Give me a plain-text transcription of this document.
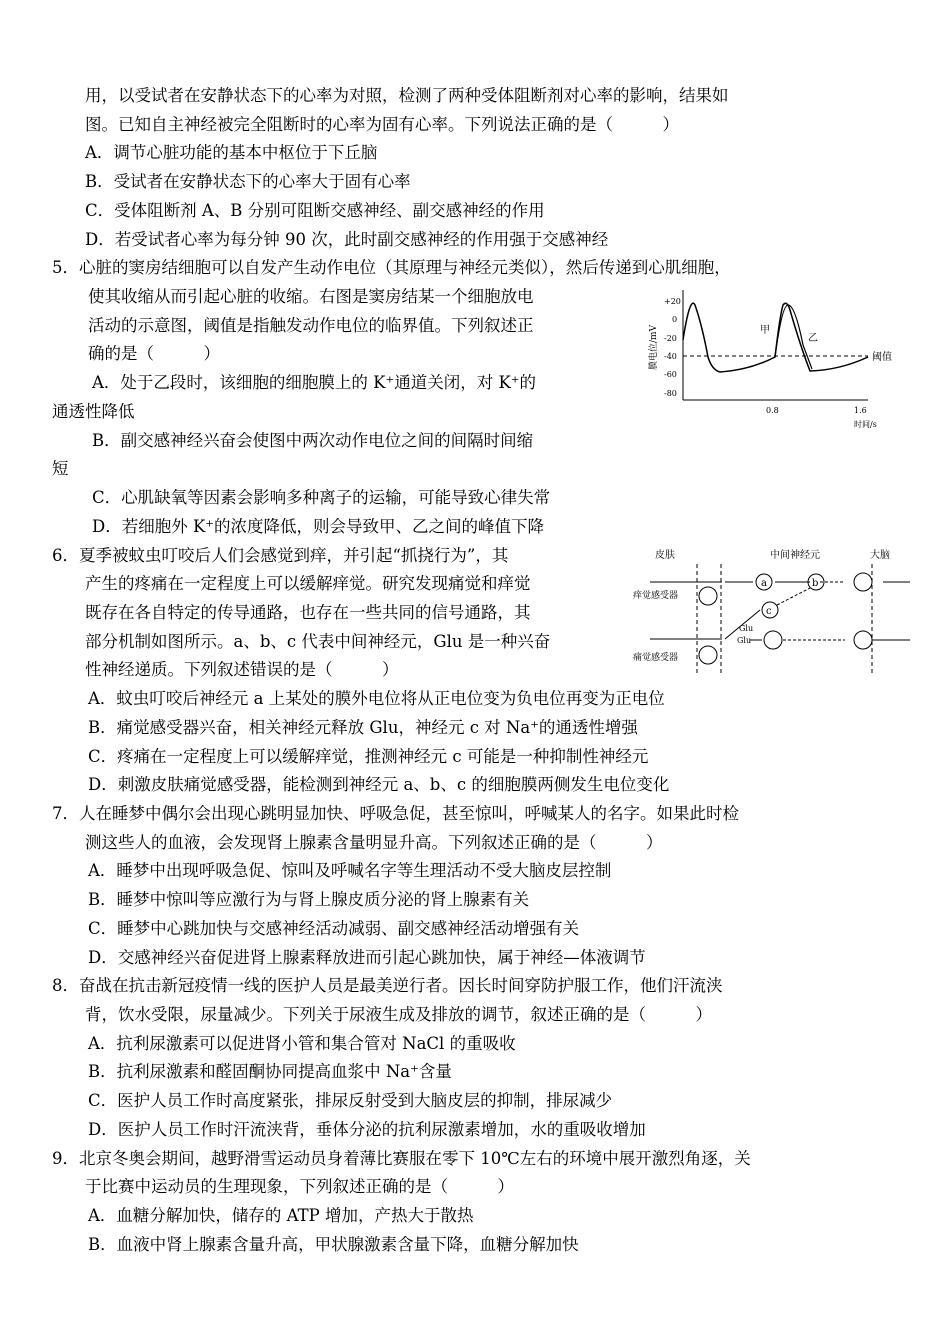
用，以受试者在安静状态下的心率为对照，检测了两种受体阻断剂对心率的影响，结果如
图。已知自主神经被完全阻断时的心率为固有心率。下列说法正确的是（　　　）
A．调节心脏功能的基本中枢位于下丘脑
B．受试者在安静状态下的心率大于固有心率
C．受体阻断剂 A、B 分别可阻断交感神经、副交感神经的作用
D．若受试者心率为每分钟 90 次，此时副交感神经的作用强于交感神经
5．心脏的窦房结细胞可以自发产生动作电位（其原理与神经元类似），然后传递到心肌细胞，
使其收缩从而引起心脏的收缩。右图是窦房结某一个细胞放电
活动的示意图，阈值是指触发动作电位的临界值。下列叙述正
确的是（　　　）
A．处于乙段时，该细胞的细胞膜上的 K⁺通道关闭，对 K⁺的
通透性降低
B．副交感神经兴奋会使图中两次动作电位之间的间隔时间缩
短
C．心肌缺氧等因素会影响多种离子的运输，可能导致心律失常
D．若细胞外 K⁺的浓度降低，则会导致甲、乙之间的峰值下降
6．夏季被蚊虫叮咬后人们会感觉到痒，并引起“抓挠行为”，其
产生的疼痛在一定程度上可以缓解痒觉。研究发现痛觉和痒觉
既存在各自特定的传导通路，也存在一些共同的信号通路，其
部分机制如图所示。a、b、c 代表中间神经元，Glu 是一种兴奋
性神经递质。下列叙述错误的是（　　　）
A．蚊虫叮咬后神经元 a 上某处的膜外电位将从正电位变为负电位再变为正电位
B．痛觉感受器兴奋，相关神经元释放 Glu，神经元 c 对 Na⁺的通透性增强
C．疼痛在一定程度上可以缓解痒觉，推测神经元 c 可能是一种抑制性神经元
D．刺激皮肤痛觉感受器，能检测到神经元 a、b、c 的细胞膜两侧发生电位变化
7．人在睡梦中偶尔会出现心跳明显加快、呼吸急促，甚至惊叫，呼喊某人的名字。如果此时检
测这些人的血液，会发现肾上腺素含量明显升高。下列叙述正确的是（　　　）
A．睡梦中出现呼吸急促、惊叫及呼喊名字等生理活动不受大脑皮层控制
B．睡梦中惊叫等应激行为与肾上腺皮质分泌的肾上腺素有关
C．睡梦中心跳加快与交感神经活动减弱、副交感神经活动增强有关
D．交感神经兴奋促进肾上腺素释放进而引起心跳加快，属于神经—体液调节
8．奋战在抗击新冠疫情一线的医护人员是最美逆行者。因长时间穿防护服工作，他们汗流浃
背，饮水受限，尿量减少。下列关于尿液生成及排放的调节，叙述正确的是（　　　）
A．抗利尿激素可以促进肾小管和集合管对 NaCl 的重吸收
B．抗利尿激素和醛固酮协同提高血浆中 Na⁺含量
C．医护人员工作时高度紧张，排尿反射受到大脑皮层的抑制，排尿减少
D．医护人员工作时汗流浃背，垂体分泌的抗利尿激素增加，水的重吸收增加
9．北京冬奥会期间，越野滑雪运动员身着薄比赛服在零下 10℃左右的环境中展开激烈角逐，关
于比赛中运动员的生理现象，下列叙述正确的是（　　　）
A．血糖分解加快，储存的 ATP 增加，产热大于散热
B．血液中肾上腺素含量升高，甲状腺激素含量下降，血糖分解加快
膜电位/mV
+20
0
-20
-40
-60
-80
0.8	1.6
时间/s
甲
乙
阈值
皮肤	中间神经元	大脑
痒觉感受器
痛觉感受器
Glu
Glu
a	b
c
